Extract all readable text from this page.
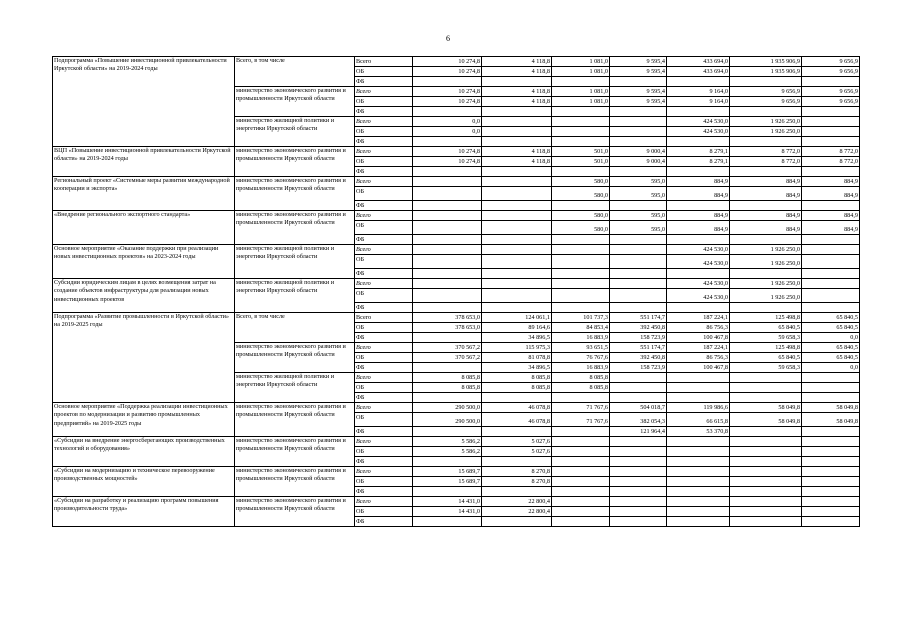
6
Подпрограмма «Повышение инвестиционной привлекательности Иркутской области» на 2019-2024 годы	Всего, в том числе	Всего	10 274,8	4 118,8	1 081,0	9 595,4	433 694,0	1 935 906,9	9 656,9
		ОБ	10 274,8	4 118,8	1 081,0	9 595,4	433 694,0	1 935 906,9	9 656,9
		ФБ							
	министерство экономического развития и промышленности Иркутской области	Всего	10 274,8	4 118,8	1 081,0	9 595,4	9 164,0	9 656,9	9 656,9
		ОБ	10 274,8	4 118,8	1 081,0	9 595,4	9 164,0	9 656,9	9 656,9
		ФБ							
	министерство жилищной политики и энергетики Иркутской области	Всего	0,0				424 530,0	1 926 250,0	
		ОБ	0,0				424 530,0	1 926 250,0	
		ФБ							
ВЦП «Повышение инвестиционной привлекательности Иркутской области» на 2019-2024 годы	министерство экономического развития и промышленности Иркутской области	Всего	10 274,8	4 118,8	501,0	9 000,4	8 279,1	8 772,0	8 772,0
		ОБ	10 274,8	4 118,8	501,0	9 000,4	8 279,1	8 772,0	8 772,0
		ФБ							
Региональный проект «Системные меры развития международной кооперации и экспорта»	министерство экономического развития и промышленности Иркутской области	Всего			580,0	595,0	884,9	884,9	884,9
		ОБ			580,0	595,0	884,9	884,9	884,9
		ФБ							
«Внедрение регионального экспортного стандарта»	министерство экономического развития и промышленности Иркутской области	Всего			580,0	595,0	884,9	884,9	884,9
		ОБ			580,0	595,0	884,9	884,9	884,9
		ФБ							
Основное мероприятие «Оказание поддержки при реализации новых инвестиционных проектов» на 2023-2024 годы	министерство жилищной политики и энергетики Иркутской области	Всего					424 530,0	1 926 250,0	
		ОБ					424 530,0	1 926 250,0	
		ФБ							
Субсидии юридическим лицам в целях возмещения затрат на создание объектов инфраструктуры для реализации новых инвестиционных проектов	министерство жилищной политики и энергетики Иркутской области	Всего					424 530,0	1 926 250,0	
		ОБ					424 530,0	1 926 250,0	
		ФБ							
Подпрограмма «Развитие промышленности в Иркутской области» на 2019-2025 годы	Всего, в том числе	Всего	378 653,0	124 061,1	101 737,3	551 174,7	187 224,1	125 498,8	65 840,5
		ОБ	378 653,0	89 164,6	84 853,4	392 450,8	86 756,3	65 840,5	65 840,5
		ФБ		34 896,5	16 883,9	158 723,9	100 467,8	59 658,3	0,0
	министерство экономического развития и промышленности Иркутской области	Всего	370 567,2	115 975,3	93 651,5	551 174,7	187 224,1	125 498,8	65 840,5
		ОБ	370 567,2	81 078,8	76 767,6	392 450,8	86 756,3	65 840,5	65 840,5
		ФБ		34 896,5	16 883,9	158 723,9	100 467,8	59 658,3	0,0
	министерство жилищной политики и энергетики Иркутской области	Всего	8 085,8	8 085,8	8 085,8				
		ОБ	8 085,8	8 085,8	8 085,8				
		ФБ							
Основное мероприятие «Поддержка реализации инвестиционных проектов по модернизации и развитию промышленных предприятий» на 2019-2025 годы	министерство экономического развития и промышленности Иркутской области	Всего	290 500,0	46 078,8	71 767,6	504 018,7	119 986,6	58 049,8	58 049,8
		ОБ	290 500,0	46 078,8	71 767,6	382 054,3	66 615,8	58 049,8	58 049,8
		ФБ				121 964,4	53 370,8		
«Субсидии на внедрение энергосберегающих производственных технологий и оборудования»	министерство экономического развития и промышленности Иркутской области	Всего	5 586,2	5 027,6					
		ОБ	5 586,2	5 027,6					
		ФБ							
«Субсидии на модернизацию и техническое перевооружение производственных мощностей»	министерство экономического развития и промышленности Иркутской области	Всего	15 689,7	8 270,8					
		ОБ	15 689,7	8 270,8					
		ФБ							
«Субсидии на разработку и реализацию программ повышения производительности труда»	министерство экономического развития и промышленности Иркутской области	Всего	14 431,0	22 800,4					
		ОБ	14 431,0	22 800,4					
		ФБ							
